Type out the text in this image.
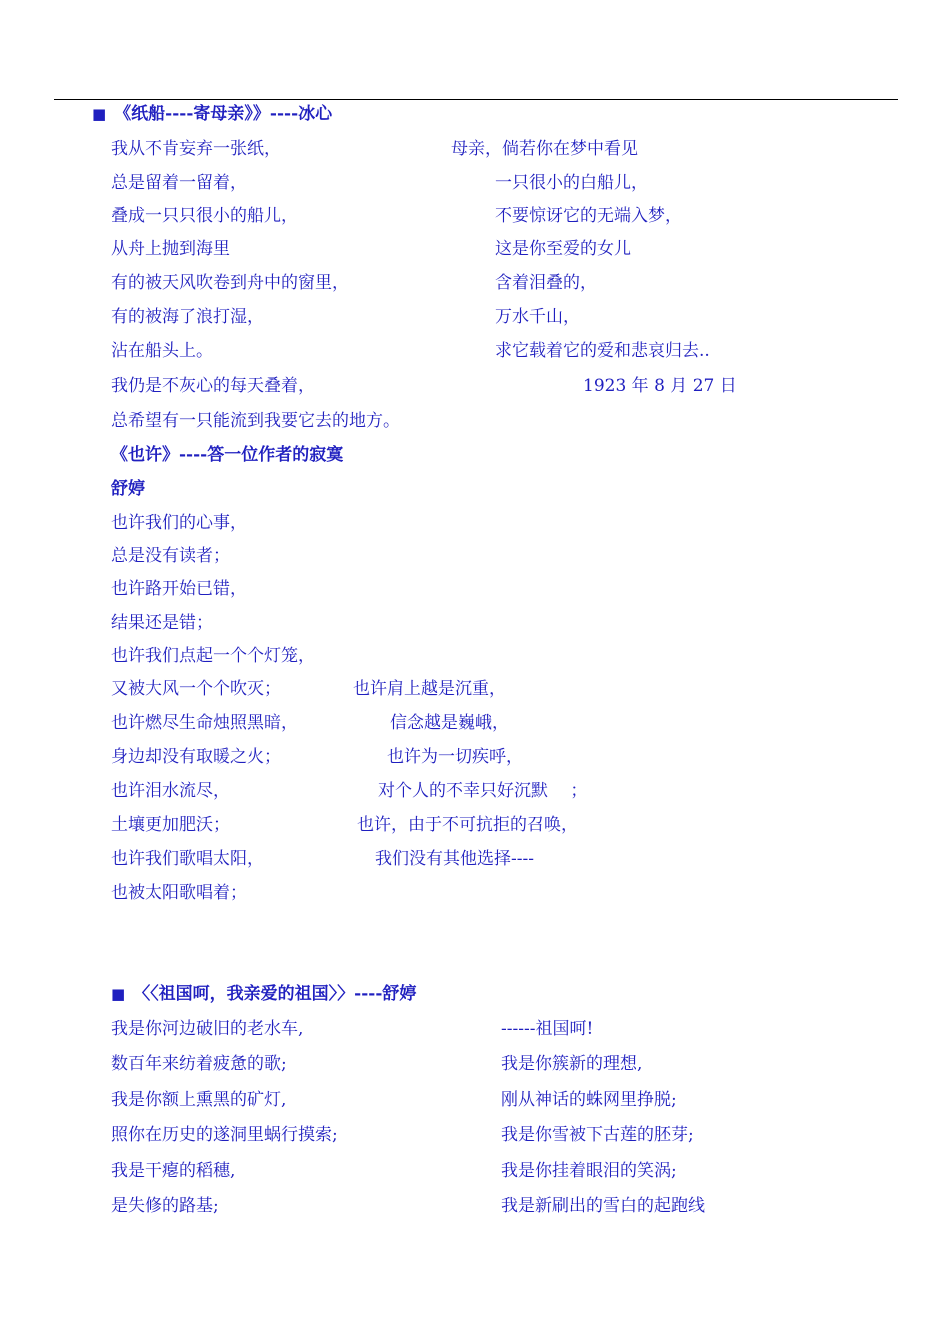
■ 《纸船----寄母亲》》----冰心
我从不肯妄弃一张纸，
总是留着一留着，
叠成一只只很小的船儿，
从舟上抛到海里
有的被天风吹卷到舟中的窗里，
有的被海了浪打湿，
沾在船头上。
我仍是不灰心的每天叠着，
总希望有一只能流到我要它去的地方。
母亲，倘若你在梦中看见
一只很小的白船儿，
不要惊讶它的无端入梦，
这是你至爱的女儿
含着泪叠的，
万水千山，
求它载着它的爱和悲哀归去..
1923 年 8 月 27 日
《也许》----答一位作者的寂寞
舒婷
也许我们的心事，
总是没有读者；
也许路开始已错，
结果还是错；
也许我们点起一个个灯笼，
又被大风一个个吹灭；
也许燃尽生命烛照黑暗，
身边却没有取暖之火；
也许泪水流尽，
土壤更加肥沃；
也许我们歌唱太阳，
也被太阳歌唱着；
也许肩上越是沉重，
信念越是巍峨，
也许为一切疾呼，
对个人的不幸只好沉默　 ；
也许，由于不可抗拒的召唤，
我们没有其他选择----
■ 〈〈祖国呵，我亲爱的祖国〉〉----舒婷
我是你河边破旧的老水车,
数百年来纺着疲惫的歌;
我是你额上熏黑的矿灯,
照你在历史的遂洞里蜗行摸索;
我是干瘪的稻穗,
是失修的路基;
------祖国呵!
我是你簇新的理想,
刚从神话的蛛网里挣脱;
我是你雪被下古莲的胚芽;
我是你挂着眼泪的笑涡;
我是新刷出的雪白的起跑线
